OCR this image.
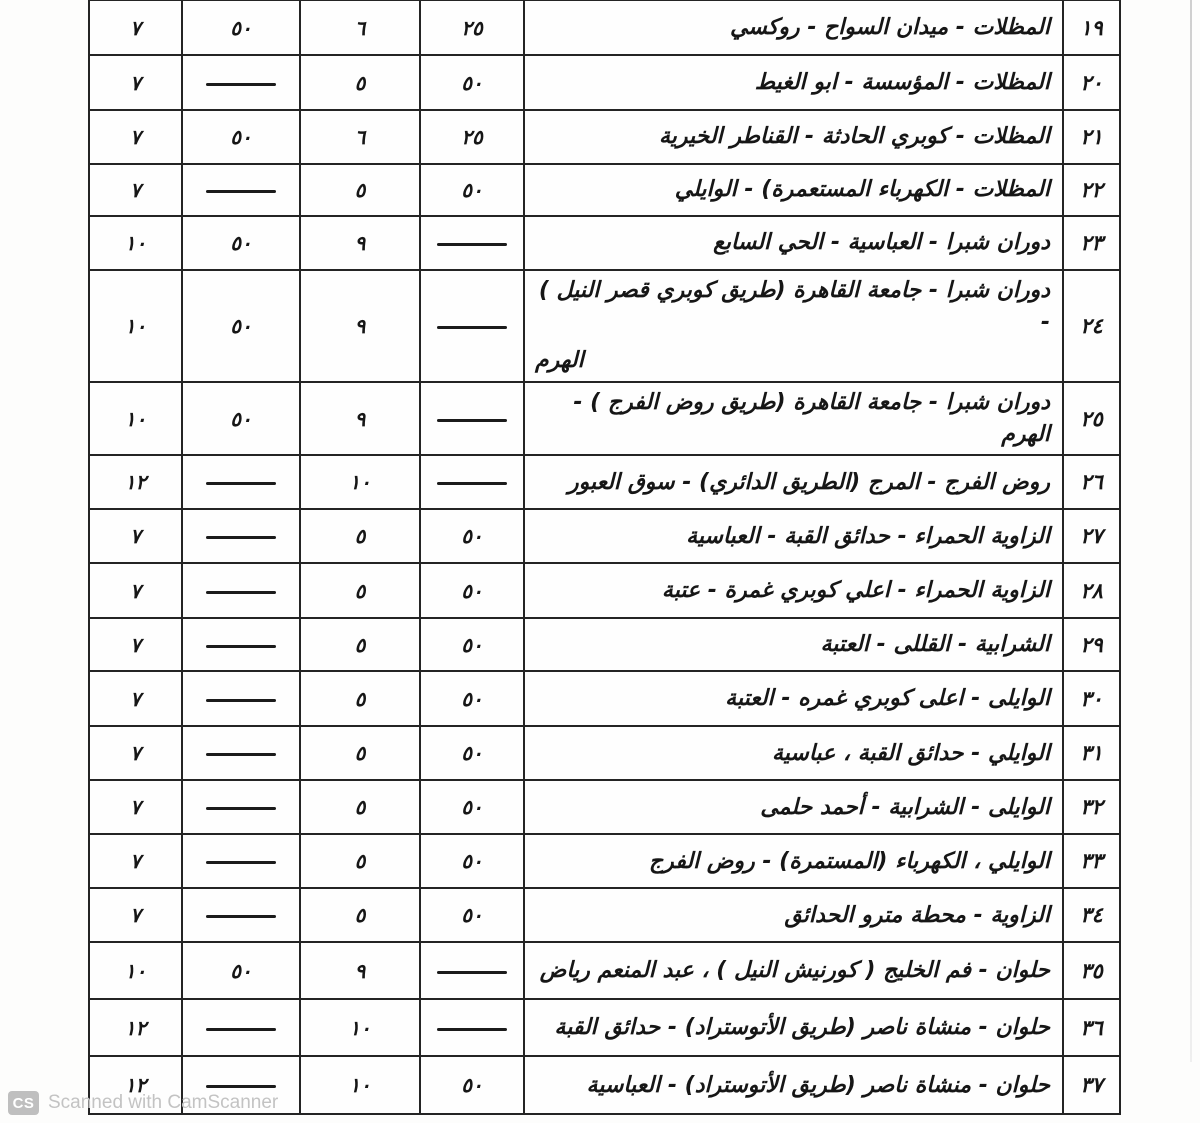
١٩	المظلات - ميدان السواح - روكسي	٢٥	٦	٥٠	٧
٢٠	المظلات - المؤسسة - ابو الغيط	٥٠	٥		٧
٢١	المظلات - كوبري الحادثة - القناطر الخيرية	٢٥	٦	٥٠	٧
٢٢	المظلات - الكهرباء المستعمرة) - الوايلي	٥٠	٥		٧
٢٣	دوران شبرا - العباسية - الحي السابع		٩	٥٠	١٠
٢٤	دوران شبرا - جامعة القاهرة (طريق كوبري قصر النيل ) -
الهرم		٩	٥٠	١٠
٢٥	دوران شبرا - جامعة القاهرة (طريق روض الفرج ) - الهرم		٩	٥٠	١٠
٢٦	روض الفرج - المرج (الطريق الدائري) - سوق العبور		١٠		١٢
٢٧	الزاوية الحمراء - حدائق القبة - العباسية	٥٠	٥		٧
٢٨	الزاوية الحمراء - اعلي كوبري غمرة - عتبة	٥٠	٥		٧
٢٩	الشرابية - القللى - العتبة	٥٠	٥		٧
٣٠	الوايلى - اعلى كوبري غمره - العتبة	٥٠	٥		٧
٣١	الوايلي - حدائق القبة ، عباسية	٥٠	٥		٧
٣٢	الوايلى - الشرابية - أحمد حلمى	٥٠	٥		٧
٣٣	الوايلي ، الكهرباء (المستمرة) - روض الفرج	٥٠	٥		٧
٣٤	الزاوية - محطة مترو الحدائق	٥٠	٥		٧
٣٥	حلوان - فم الخليج ( كورنيش النيل ) ، عبد المنعم رياض		٩	٥٠	١٠
٣٦	حلوان - منشاة ناصر (طريق الأتوستراد) - حدائق القبة		١٠		١٢
٣٧	حلوان - منشاة ناصر (طريق الأتوستراد) - العباسية	٥٠	١٠		١٢
CS Scanned with CamScanner
